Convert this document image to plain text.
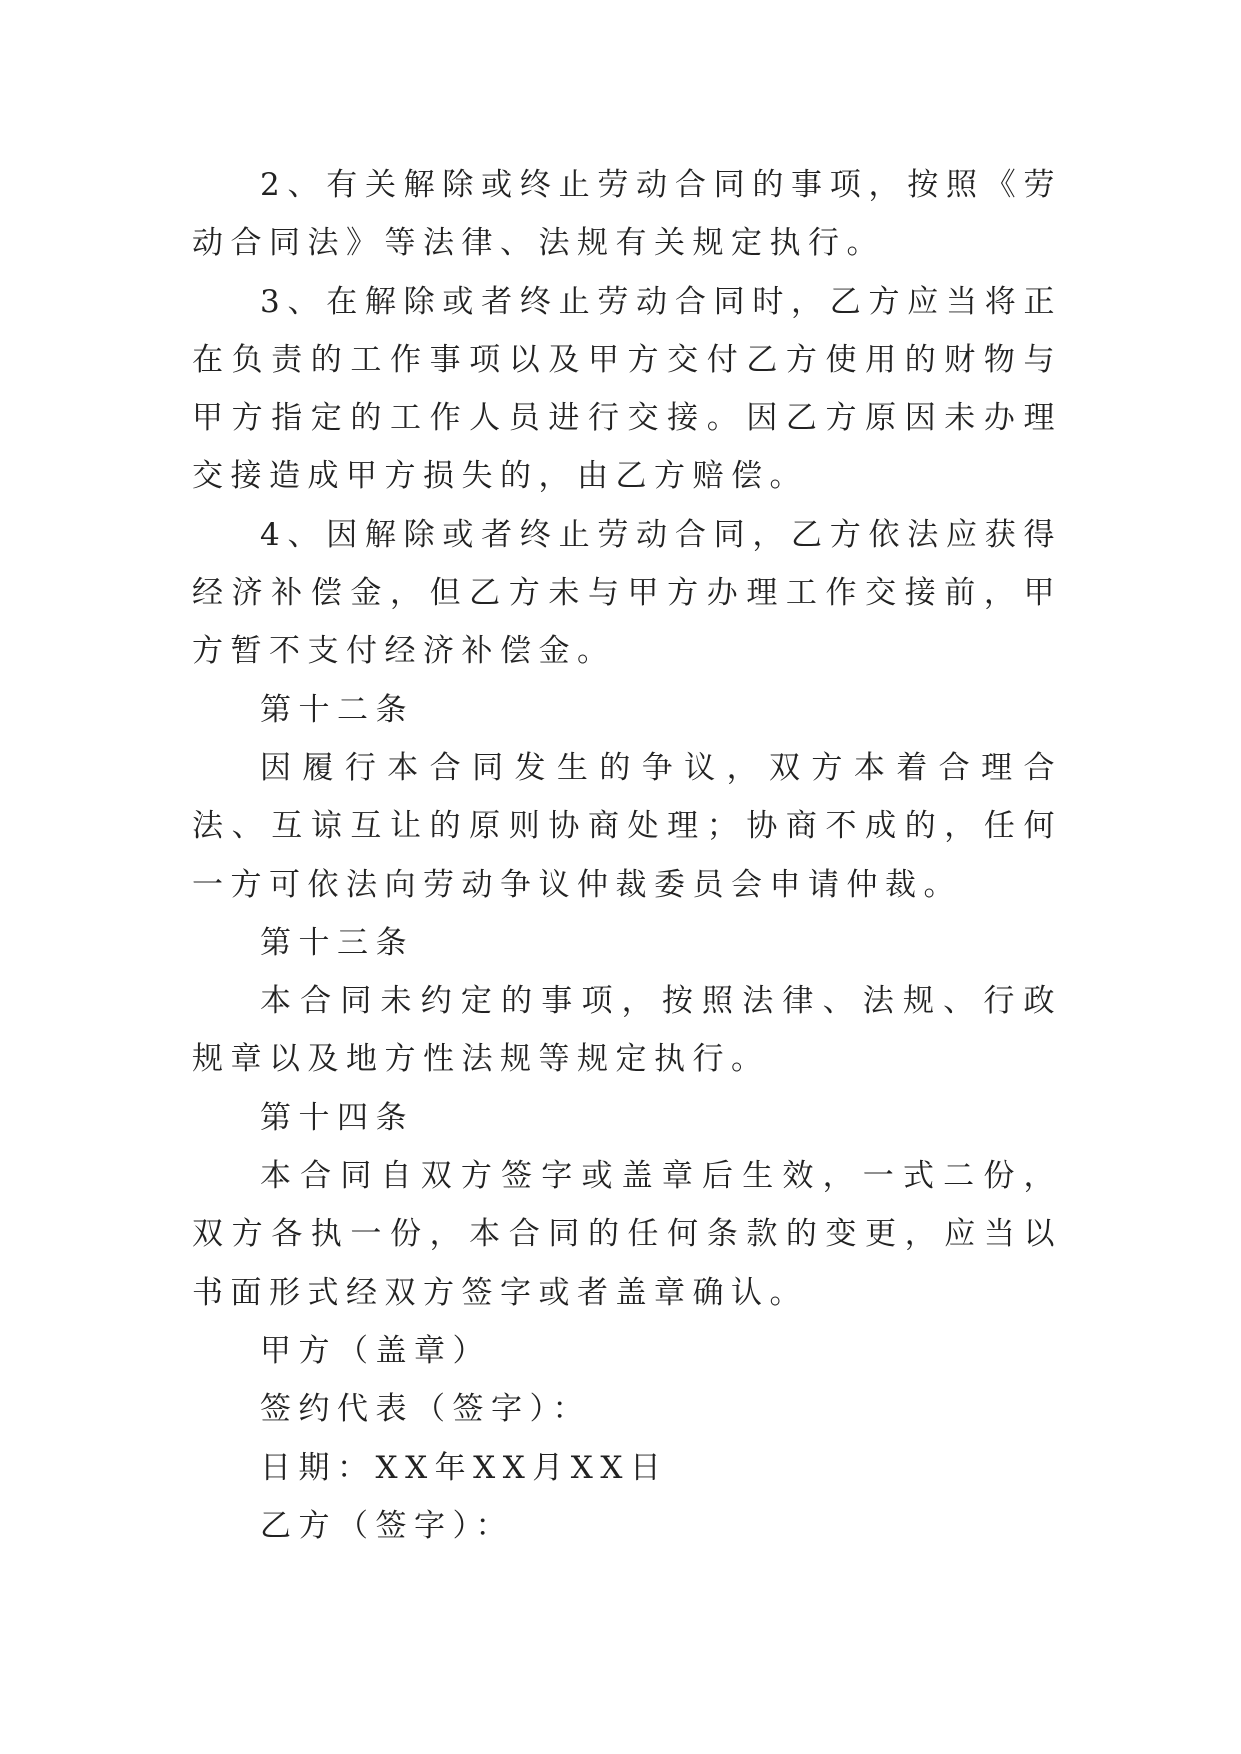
2、有关解除或终止劳动合同的事项，按照《劳动合同法》等法律、法规有关规定执行。

3、在解除或者终止劳动合同时，乙方应当将正在负责的工作事项以及甲方交付乙方使用的财物与甲方指定的工作人员进行交接。因乙方原因未办理交接造成甲方损失的，由乙方赔偿。

4、因解除或者终止劳动合同，乙方依法应获得经济补偿金，但乙方未与甲方办理工作交接前，甲方暂不支付经济补偿金。

第十二条

因履行本合同发生的争议，双方本着合理合法、互谅互让的原则协商处理；协商不成的，任何一方可依法向劳动争议仲裁委员会申请仲裁。

第十三条

本合同未约定的事项，按照法律、法规、行政规章以及地方性法规等规定执行。

第十四条

本合同自双方签字或盖章后生效，一式二份，双方各执一份，本合同的任何条款的变更，应当以书面形式经双方签字或者盖章确认。

甲方（盖章）

签约代表（签字）：

日期：XX年XX月XX日

乙方（签字）：
